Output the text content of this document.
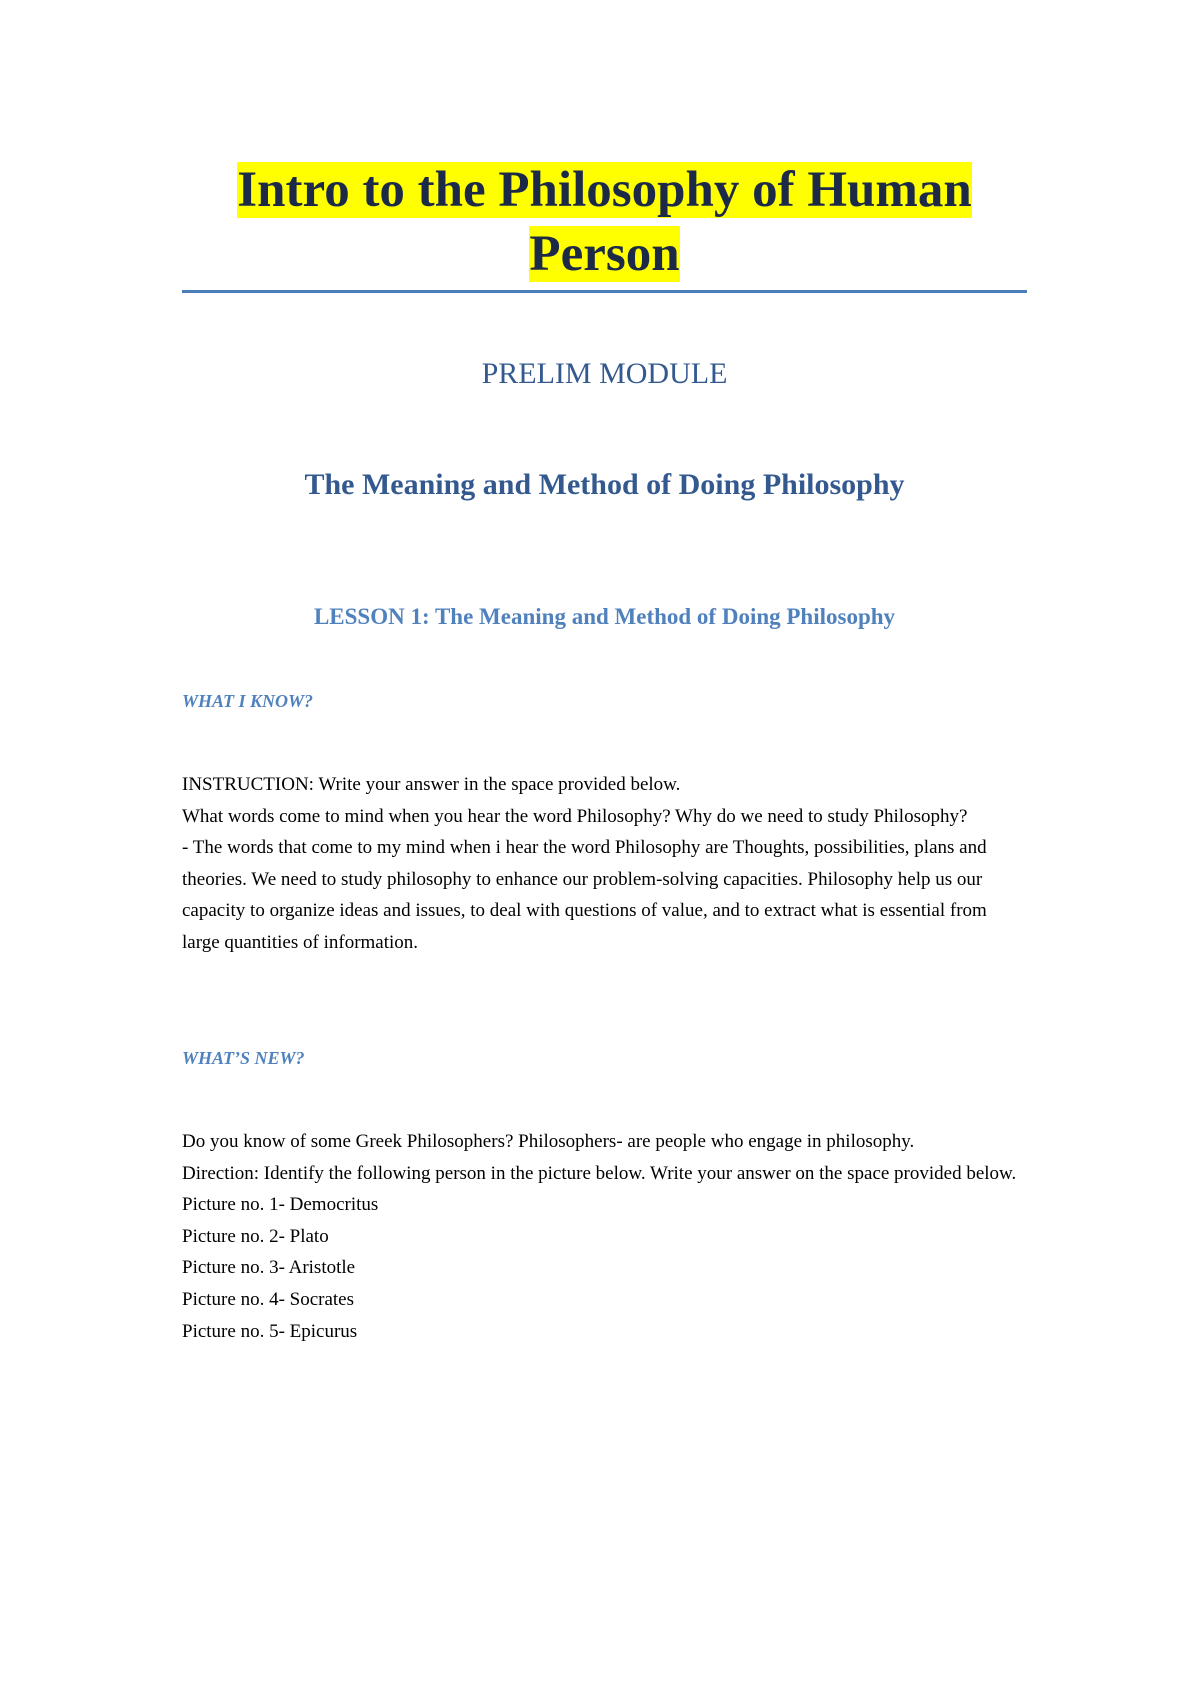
Intro to the Philosophy of Human Person
PRELIM MODULE
The Meaning and Method of Doing Philosophy
LESSON 1: The Meaning and Method of Doing Philosophy
WHAT I KNOW?

INSTRUCTION: Write your answer in the space provided below.

What words come to mind when you hear the word Philosophy? Why do we need to study Philosophy?

- The words that come to my mind when i hear the word Philosophy are Thoughts, possibilities, plans and theories. We need to study philosophy to enhance our problem-solving capacities. Philosophy help us our capacity to organize ideas and issues, to deal with questions of value, and to extract what is essential from large quantities of information.

WHAT’S NEW?

Do you know of some Greek Philosophers? Philosophers- are people who engage in philosophy.

Direction: Identify the following person in the picture below. Write your answer on the space provided below.

Picture no. 1- Democritus

Picture no. 2- Plato

Picture no. 3- Aristotle

Picture no. 4- Socrates

Picture no. 5- Epicurus
